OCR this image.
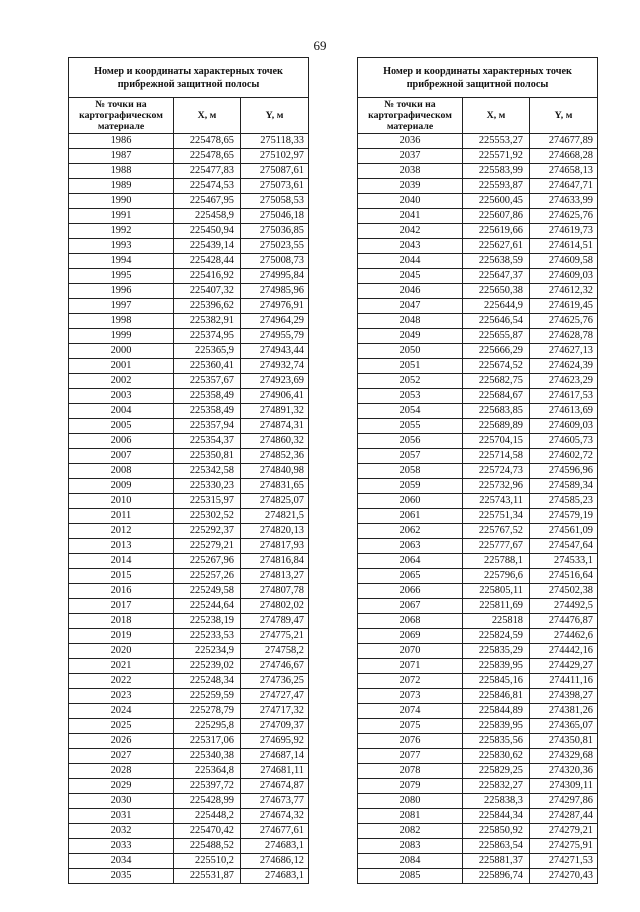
69
Номер и координаты характерных точек прибрежной защитной полосы		
№ точки на картографическом материале	X, м	Y, м
1986	225478,65	275118,33
1987	225478,65	275102,97
1988	225477,83	275087,61
1989	225474,53	275073,61
1990	225467,95	275058,53
1991	225458,9	275046,18
1992	225450,94	275036,85
1993	225439,14	275023,55
1994	225428,44	275008,73
1995	225416,92	274995,84
1996	225407,32	274985,96
1997	225396,62	274976,91
1998	225382,91	274964,29
1999	225374,95	274955,79
2000	225365,9	274943,44
2001	225360,41	274932,74
2002	225357,67	274923,69
2003	225358,49	274906,41
2004	225358,49	274891,32
2005	225357,94	274874,31
2006	225354,37	274860,32
2007	225350,81	274852,36
2008	225342,58	274840,98
2009	225330,23	274831,65
2010	225315,97	274825,07
2011	225302,52	274821,5
2012	225292,37	274820,13
2013	225279,21	274817,93
2014	225267,96	274816,84
2015	225257,26	274813,27
2016	225249,58	274807,78
2017	225244,64	274802,02
2018	225238,19	274789,47
2019	225233,53	274775,21
2020	225234,9	274758,2
2021	225239,02	274746,67
2022	225248,34	274736,25
2023	225259,59	274727,47
2024	225278,79	274717,32
2025	225295,8	274709,37
2026	225317,06	274695,92
2027	225340,38	274687,14
2028	225364,8	274681,11
2029	225397,72	274674,87
2030	225428,99	274673,77
2031	225448,2	274674,32
2032	225470,42	274677,61
2033	225488,52	274683,1
2034	225510,2	274686,12
2035	225531,87	274683,1
Номер и координаты характерных точек прибрежной защитной полосы		
№ точки на картографическом материале	X, м	Y, м
2036	225553,27	274677,89
2037	225571,92	274668,28
2038	225583,99	274658,13
2039	225593,87	274647,71
2040	225600,45	274633,99
2041	225607,86	274625,76
2042	225619,66	274619,73
2043	225627,61	274614,51
2044	225638,59	274609,58
2045	225647,37	274609,03
2046	225650,38	274612,32
2047	225644,9	274619,45
2048	225646,54	274625,76
2049	225655,87	274628,78
2050	225666,29	274627,13
2051	225674,52	274624,39
2052	225682,75	274623,29
2053	225684,67	274617,53
2054	225683,85	274613,69
2055	225689,89	274609,03
2056	225704,15	274605,73
2057	225714,58	274602,72
2058	225724,73	274596,96
2059	225732,96	274589,34
2060	225743,11	274585,23
2061	225751,34	274579,19
2062	225767,52	274561,09
2063	225777,67	274547,64
2064	225788,1	274533,1
2065	225796,6	274516,64
2066	225805,11	274502,38
2067	225811,69	274492,5
2068	225818	274476,87
2069	225824,59	274462,6
2070	225835,29	274442,16
2071	225839,95	274429,27
2072	225845,16	274411,16
2073	225846,81	274398,27
2074	225844,89	274381,26
2075	225839,95	274365,07
2076	225835,56	274350,81
2077	225830,62	274329,68
2078	225829,25	274320,36
2079	225832,27	274309,11
2080	225838,3	274297,86
2081	225844,34	274287,44
2082	225850,92	274279,21
2083	225863,54	274275,91
2084	225881,37	274271,53
2085	225896,74	274270,43
